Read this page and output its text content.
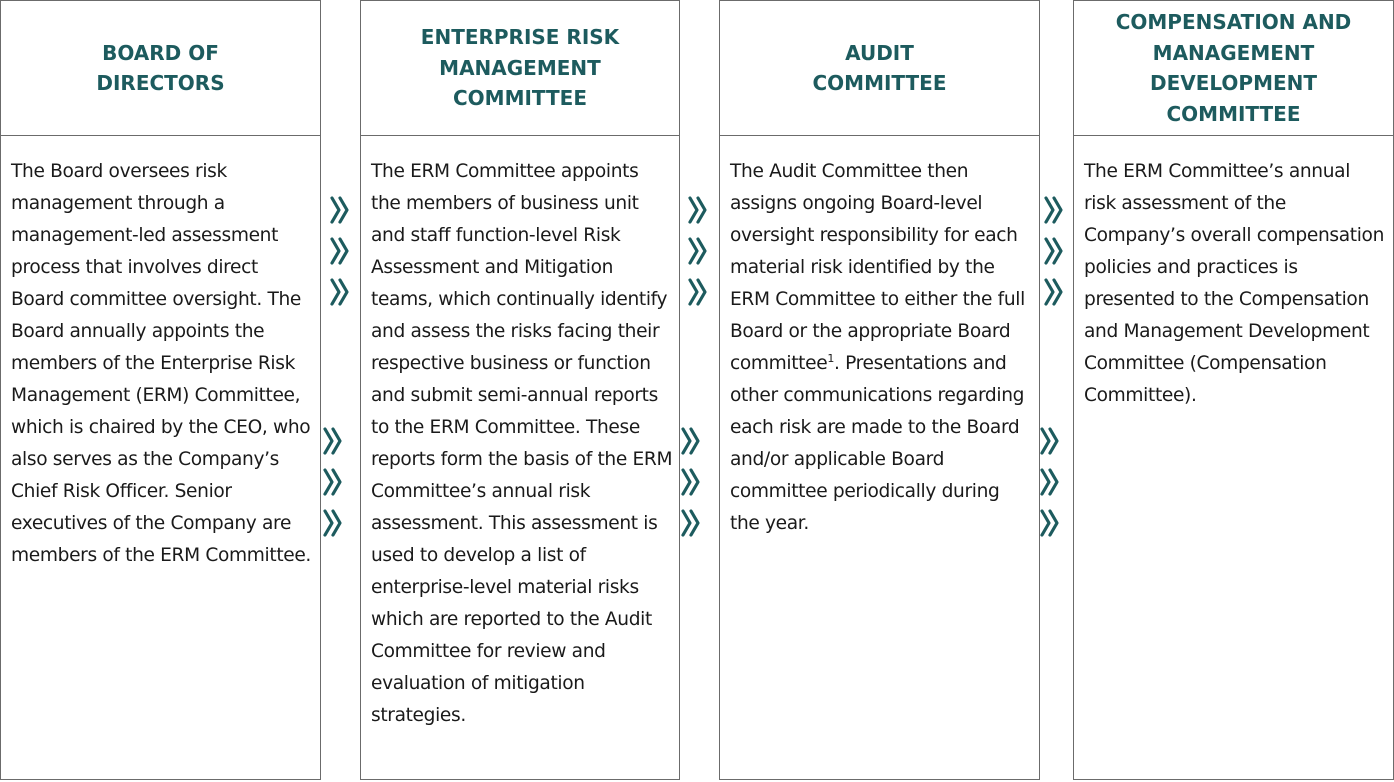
BOARD OF
DIRECTORS
The Board oversees risk management through a management-led assessment process that involves direct Board committee oversight. The Board annually appoints the members of the Enterprise Risk Management (ERM) Committee, which is chaired by the CEO, who also serves as the Company’s Chief Risk Officer. Senior executives of the Company are members of the ERM Committee.
ENTERPRISE RISK
MANAGEMENT
COMMITTEE
The ERM Committee appoints the members of business unit and staff function-level Risk Assessment and Mitigation teams, which continually identify and assess the risks facing their respective business or function and submit semi-annual reports to the ERM Committee. These reports form the basis of the ERM Committee’s annual risk assessment. This assessment is used to develop a list of enterprise-level material risks which are reported to the Audit Committee for review and evaluation of mitigation strategies.
AUDIT
COMMITTEE
The Audit Committee then assigns ongoing Board-level oversight responsibility for each material risk identified by the ERM Committee to either the full Board or the appropriate Board committee$^1$. Presentations and other communications regarding each risk are made to the Board and/or applicable Board committee periodically during the year.
COMPENSATION AND
MANAGEMENT
DEVELOPMENT
COMMITTEE
The ERM Committee’s annual risk assessment of the Company’s overall compensation policies and practices is presented to the Compensation and Management Development Committee (Compensation Committee).
